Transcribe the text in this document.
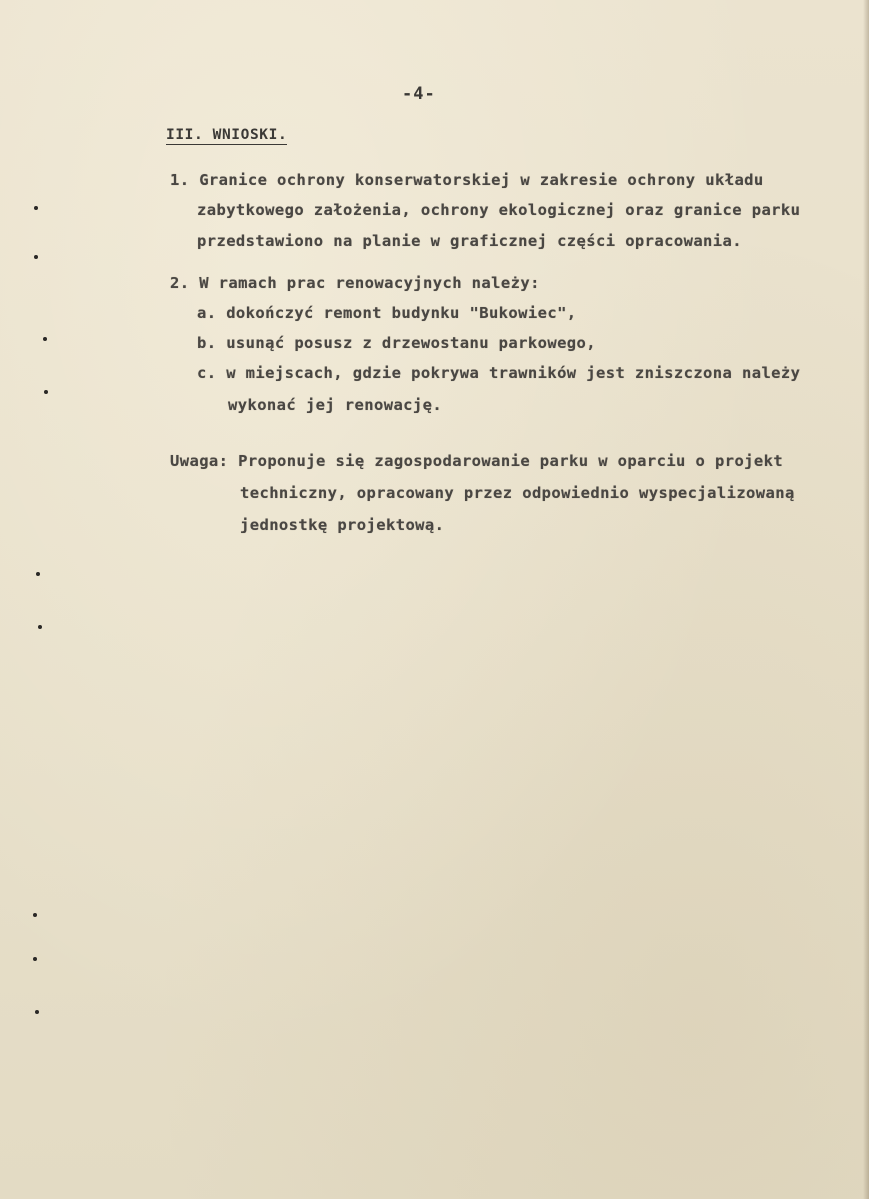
-4-
III. WNIOSKI.
1. Granice ochrony konserwatorskiej w zakresie ochrony układu
zabytkowego założenia, ochrony ekologicznej oraz granice parku
przedstawiono na planie w graficznej części opracowania.
2. W ramach prac renowacyjnych należy:
a. dokończyć remont budynku "Bukowiec",
b. usunąć posusz z drzewostanu parkowego,
c. w miejscach, gdzie pokrywa trawników jest zniszczona należy
wykonać jej renowację.
Uwaga: Proponuje się zagospodarowanie parku w oparciu o projekt
techniczny, opracowany przez odpowiednio wyspecjalizowaną
jednostkę projektową.
